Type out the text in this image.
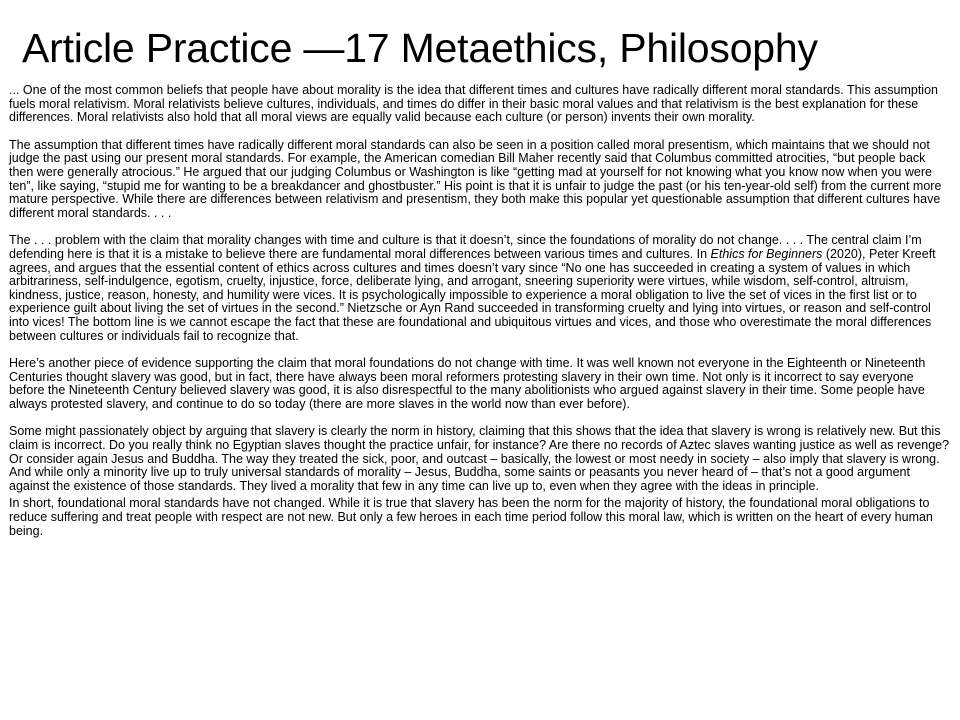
Article Practice —17 Metaethics, Philosophy

... One of the most common beliefs that people have about morality is the idea that different times and cultures have radically different moral standards. This assumption fuels moral relativism. Moral relativists believe cultures, individuals, and times do differ in their basic moral values and that relativism is the best explanation for these differences. Moral relativists also hold that all moral views are equally valid because each culture (or person) invents their own morality.

The assumption that different times have radically different moral standards can also be seen in a position called moral presentism, which maintains that we should not judge the past using our present moral standards. For example, the American comedian Bill Maher recently said that Columbus committed atrocities, “but people back then were generally atrocious.” He argued that our judging Columbus or Washington is like “getting mad at yourself for not knowing what you know now when you were ten”, like saying, “stupid me for wanting to be a breakdancer and ghostbuster.” His point is that it is unfair to judge the past (or his ten-year-old self) from the current more mature perspective. While there are differences between relativism and presentism, they both make this popular yet questionable assumption that different cultures have different moral standards. . . .

The . . . problem with the claim that morality changes with time and culture is that it doesn’t, since the foundations of morality do not change. . . . The central claim I’m defending here is that it is a mistake to believe there are fundamental moral differences between various times and cultures. In Ethics for Beginners (2020), Peter Kreeft agrees, and argues that the essential content of ethics across cultures and times doesn’t vary since “No one has succeeded in creating a system of values in which arbitrariness, self-indulgence, egotism, cruelty, injustice, force, deliberate lying, and arrogant, sneering superiority were virtues, while wisdom, self-control, altruism, kindness, justice, reason, honesty, and humility were vices. It is psychologically impossible to experience a moral obligation to live the set of vices in the first list or to experience guilt about living the set of virtues in the second.” Nietzsche or Ayn Rand succeeded in transforming cruelty and lying into virtues, or reason and self-control into vices! The bottom line is we cannot escape the fact that these are foundational and ubiquitous virtues and vices, and those who overestimate the moral differences between cultures or individuals fail to recognize that.

Here’s another piece of evidence supporting the claim that moral foundations do not change with time. It was well known not everyone in the Eighteenth or Nineteenth Centuries thought slavery was good, but in fact, there have always been moral reformers protesting slavery in their own time. Not only is it incorrect to say everyone before the Nineteenth Century believed slavery was good, it is also disrespectful to the many abolitionists who argued against slavery in their time. Some people have always protested slavery, and continue to do so today (there are more slaves in the world now than ever before).

Some might passionately object by arguing that slavery is clearly the norm in history, claiming that this shows that the idea that slavery is wrong is relatively new. But this claim is incorrect. Do you really think no Egyptian slaves thought the practice unfair, for instance? Are there no records of Aztec slaves wanting justice as well as revenge? Or consider again Jesus and Buddha. The way they treated the sick, poor, and outcast – basically, the lowest or most needy in society – also imply that slavery is wrong. And while only a minority live up to truly universal standards of morality – Jesus, Buddha, some saints or peasants you never heard of – that’s not a good argument against the existence of those standards. They lived a morality that few in any time can live up to, even when they agree with the ideas in principle.

In short, foundational moral standards have not changed. While it is true that slavery has been the norm for the majority of history, the foundational moral obligations to reduce suffering and treat people with respect are not new. But only a few heroes in each time period follow this moral law, which is written on the heart of every human being.
